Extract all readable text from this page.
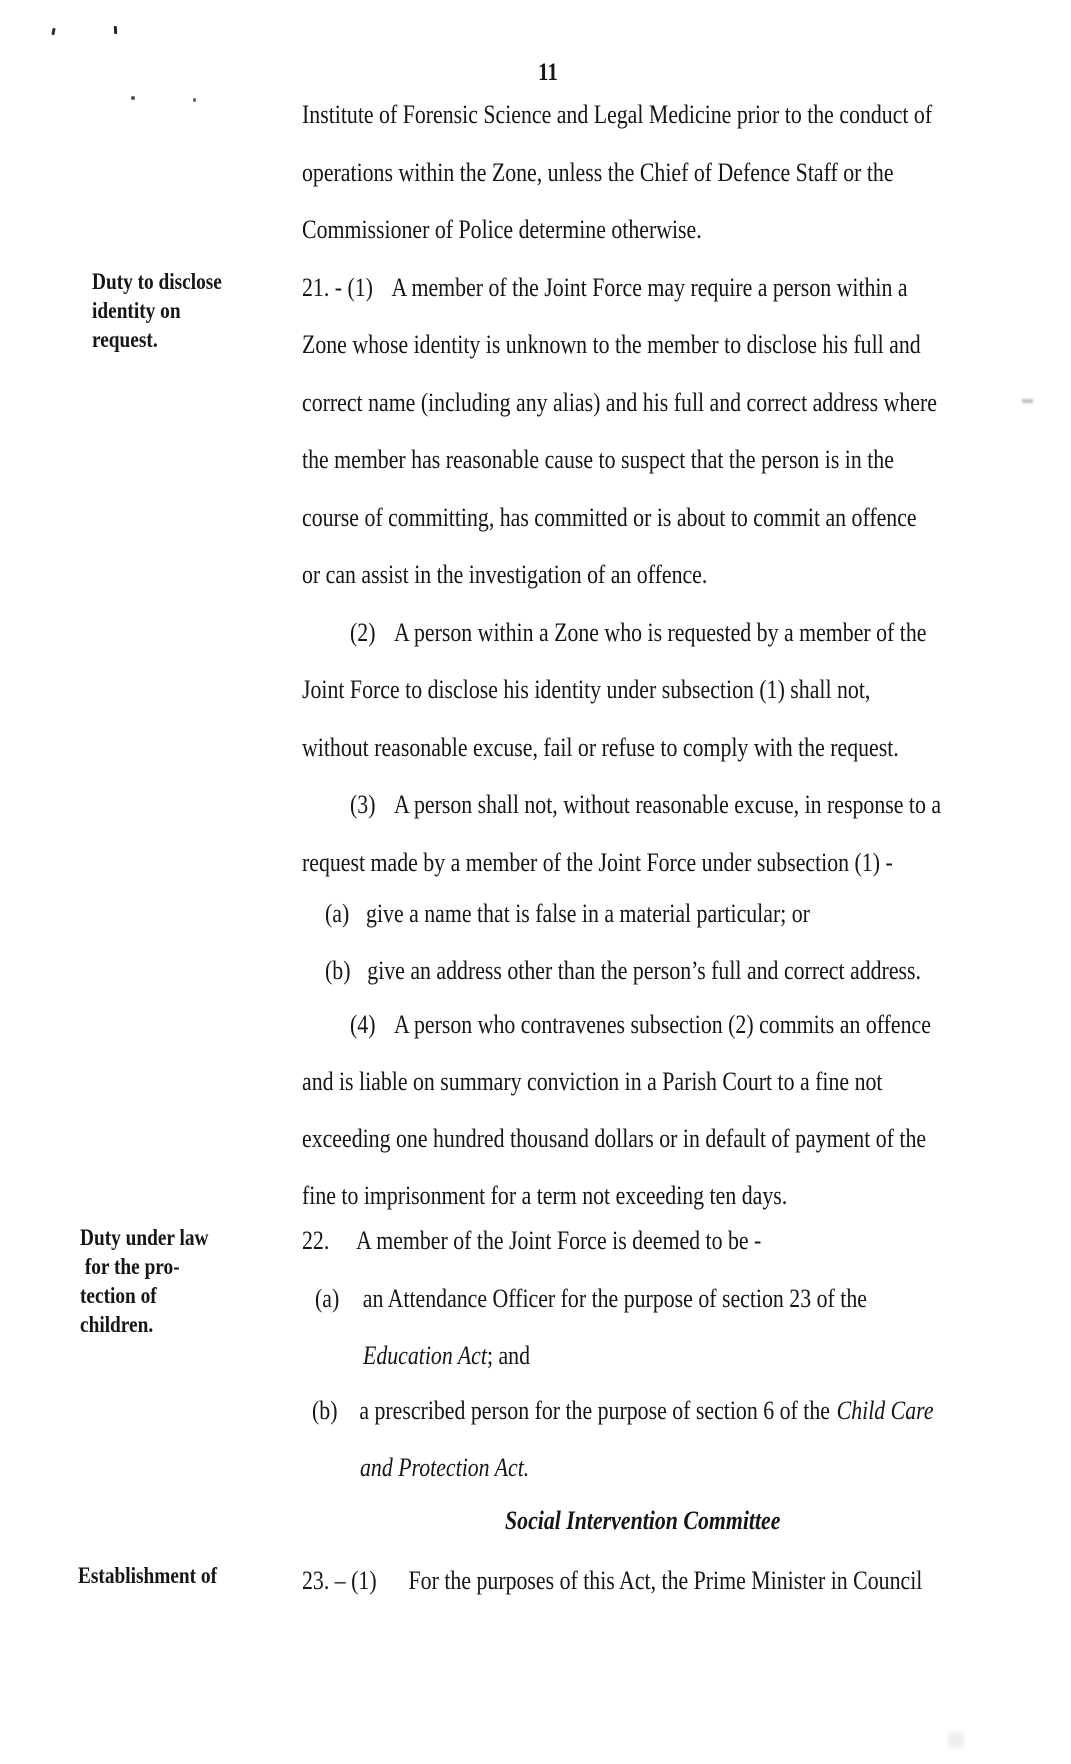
11
Social Intervention Committee
Duty to disclose
identity on
request.
Duty under law
for the pro-
tection of
children.
Establishment of
Institute of Forensic Science and Legal Medicine prior to the conduct of
operations within the Zone, unless the Chief of Defence Staff or the
Commissioner of Police determine otherwise.
21. - (1) A member of the Joint Force may require a person within a
Zone whose identity is unknown to the member to disclose his full and
correct name (including any alias) and his full and correct address where
the member has reasonable cause to suspect that the person is in the
course of committing, has committed or is about to commit an offence
or can assist in the investigation of an offence.
(2) A person within a Zone who is requested by a member of the
Joint Force to disclose his identity under subsection (1) shall not,
without reasonable excuse, fail or refuse to comply with the request.
(3) A person shall not, without reasonable excuse, in response to a
request made by a member of the Joint Force under subsection (1) -
(a) give a name that is false in a material particular; or
(b) give an address other than the person’s full and correct address.
(4) A person who contravenes subsection (2) commits an offence
and is liable on summary conviction in a Parish Court to a fine not
exceeding one hundred thousand dollars or in default of payment of the
fine to imprisonment for a term not exceeding ten days.
22. A member of the Joint Force is deemed to be -
(a) an Attendance Officer for the purpose of section 23 of the
Education Act; and
(b) a prescribed person for the purpose of section 6 of the Child Care
and Protection Act.
23. – (1) For the purposes of this Act, the Prime Minister in Council
